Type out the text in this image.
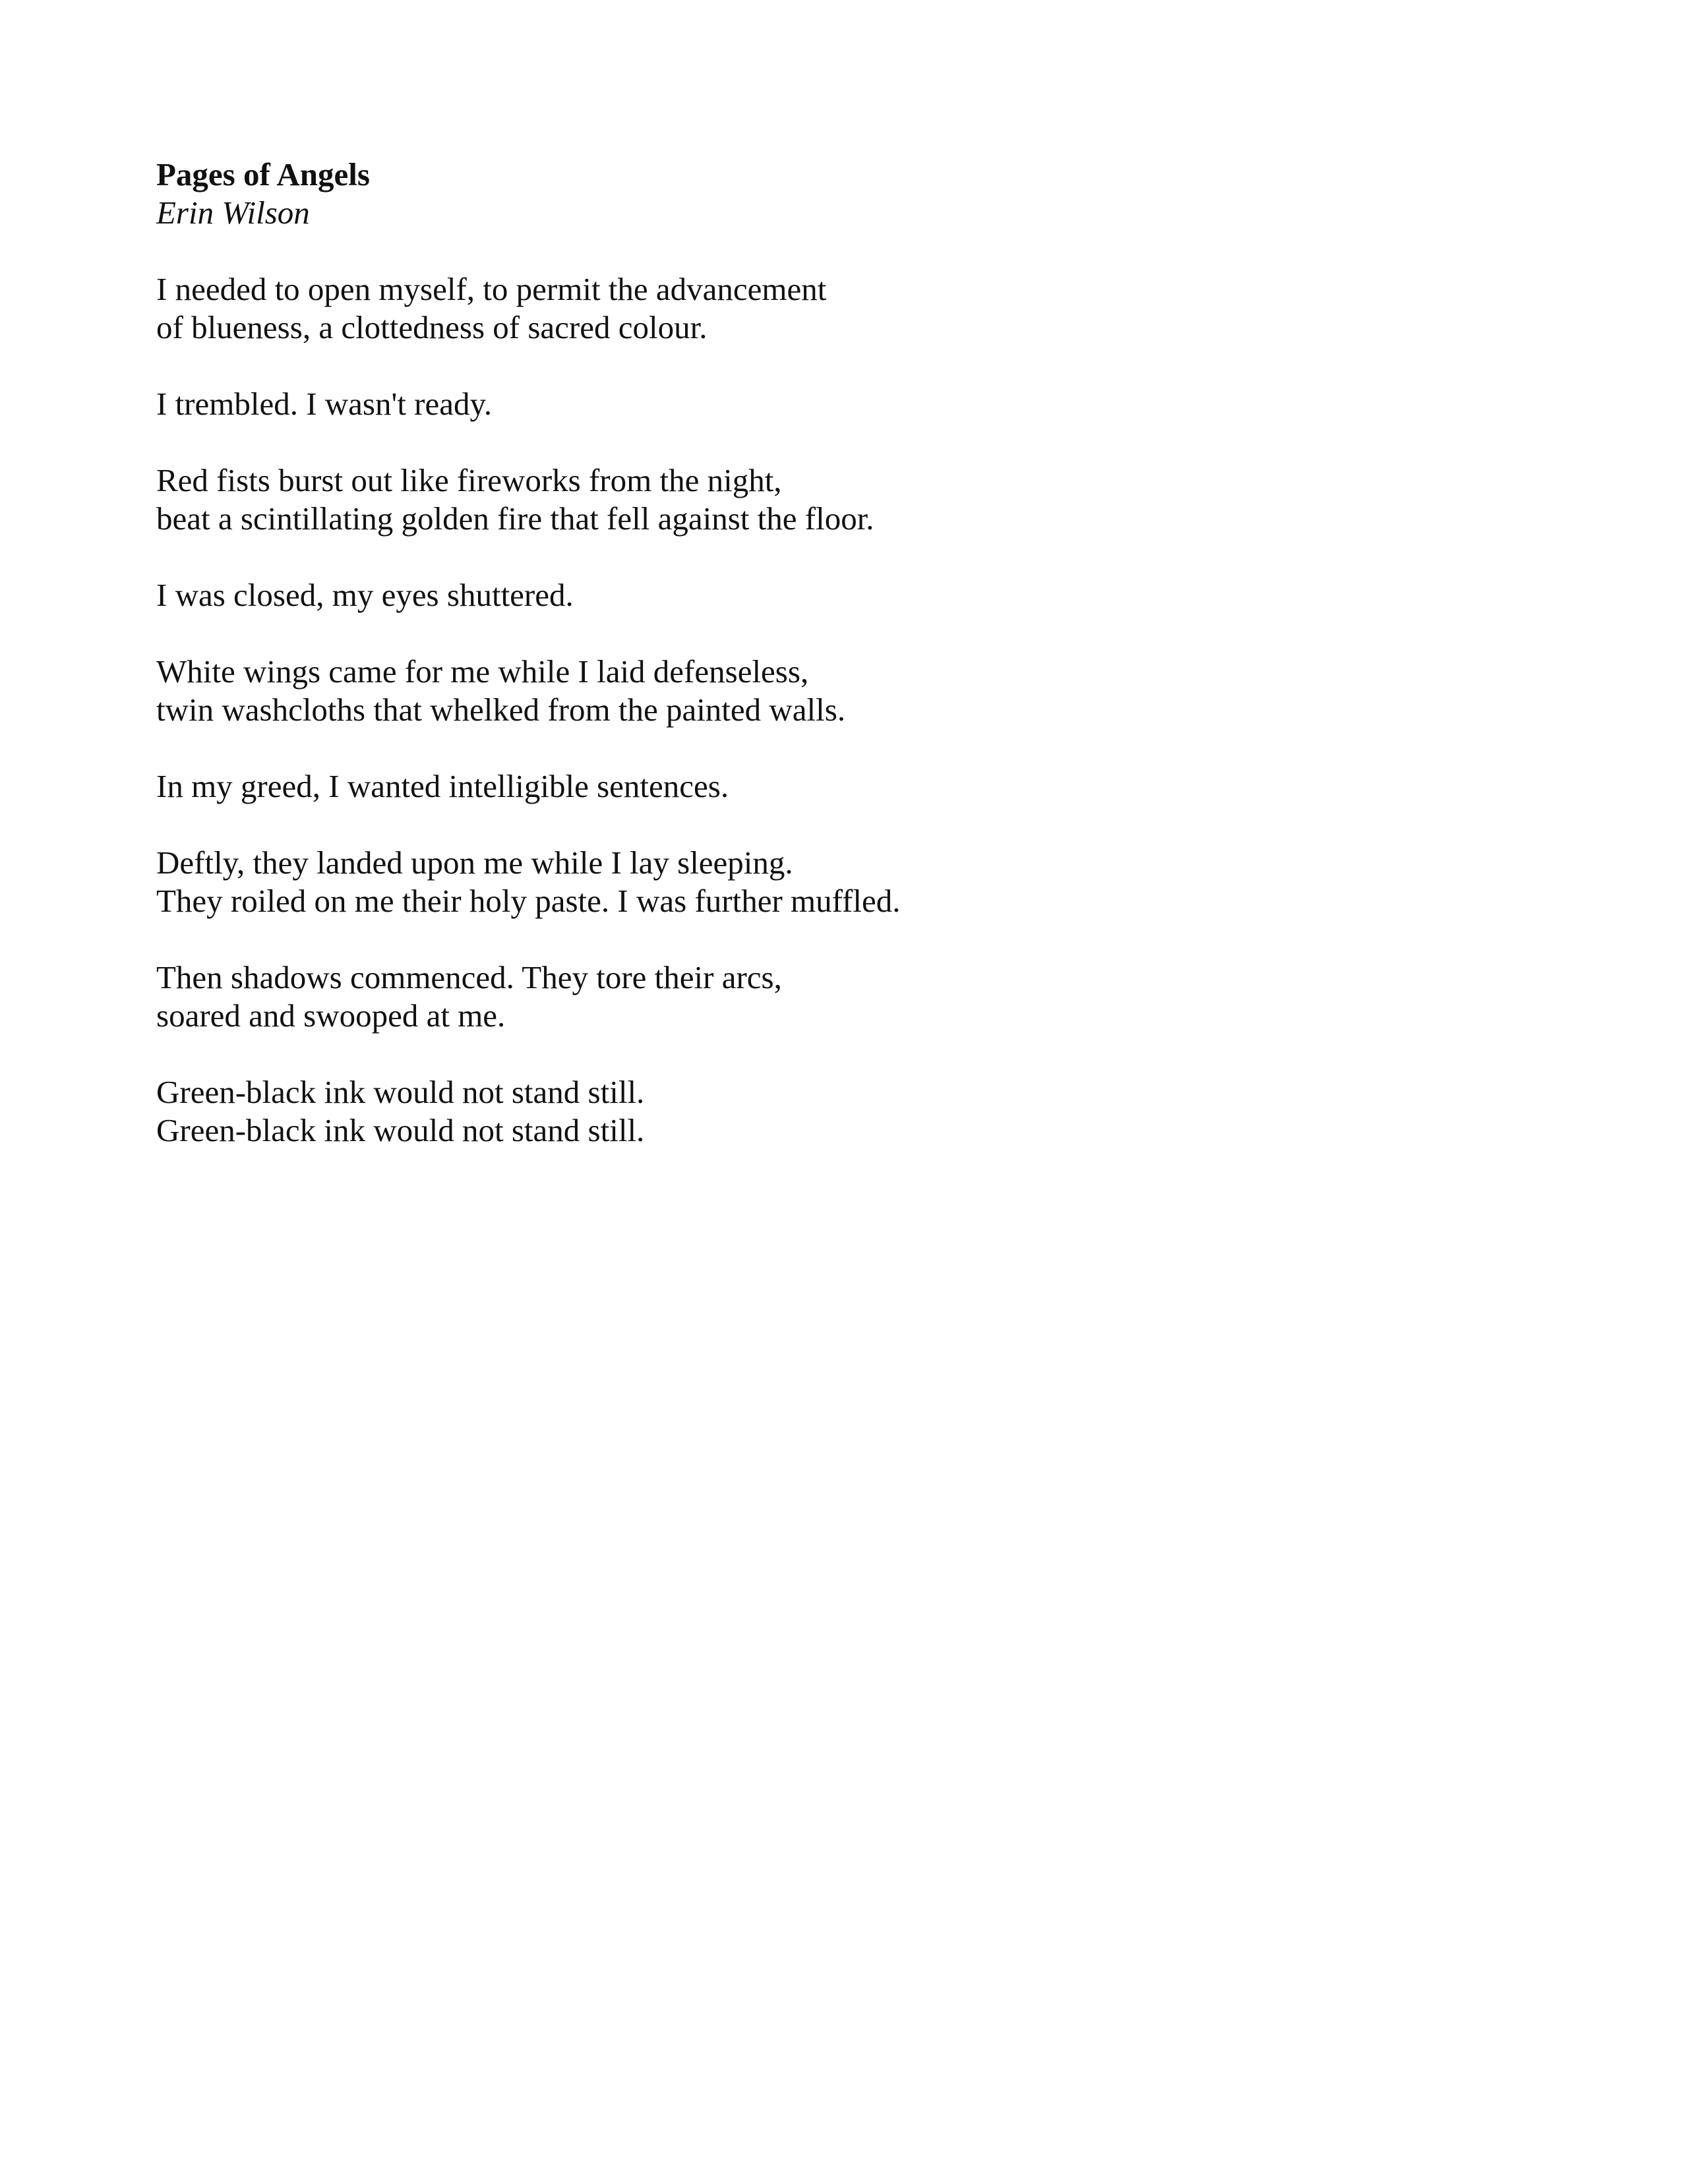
Pages of Angels
Erin Wilson
I needed to open myself, to permit the advancement
of blueness, a clottedness of sacred colour.
I trembled. I wasn't ready.
Red fists burst out like fireworks from the night,
beat a scintillating golden fire that fell against the floor.
I was closed, my eyes shuttered.
White wings came for me while I laid defenseless,
twin washcloths that whelked from the painted walls.
In my greed, I wanted intelligible sentences.
Deftly, they landed upon me while I lay sleeping.
They roiled on me their holy paste. I was further muffled.
Then shadows commenced. They tore their arcs,
soared and swooped at me.
Green-black ink would not stand still.
Green-black ink would not stand still.
